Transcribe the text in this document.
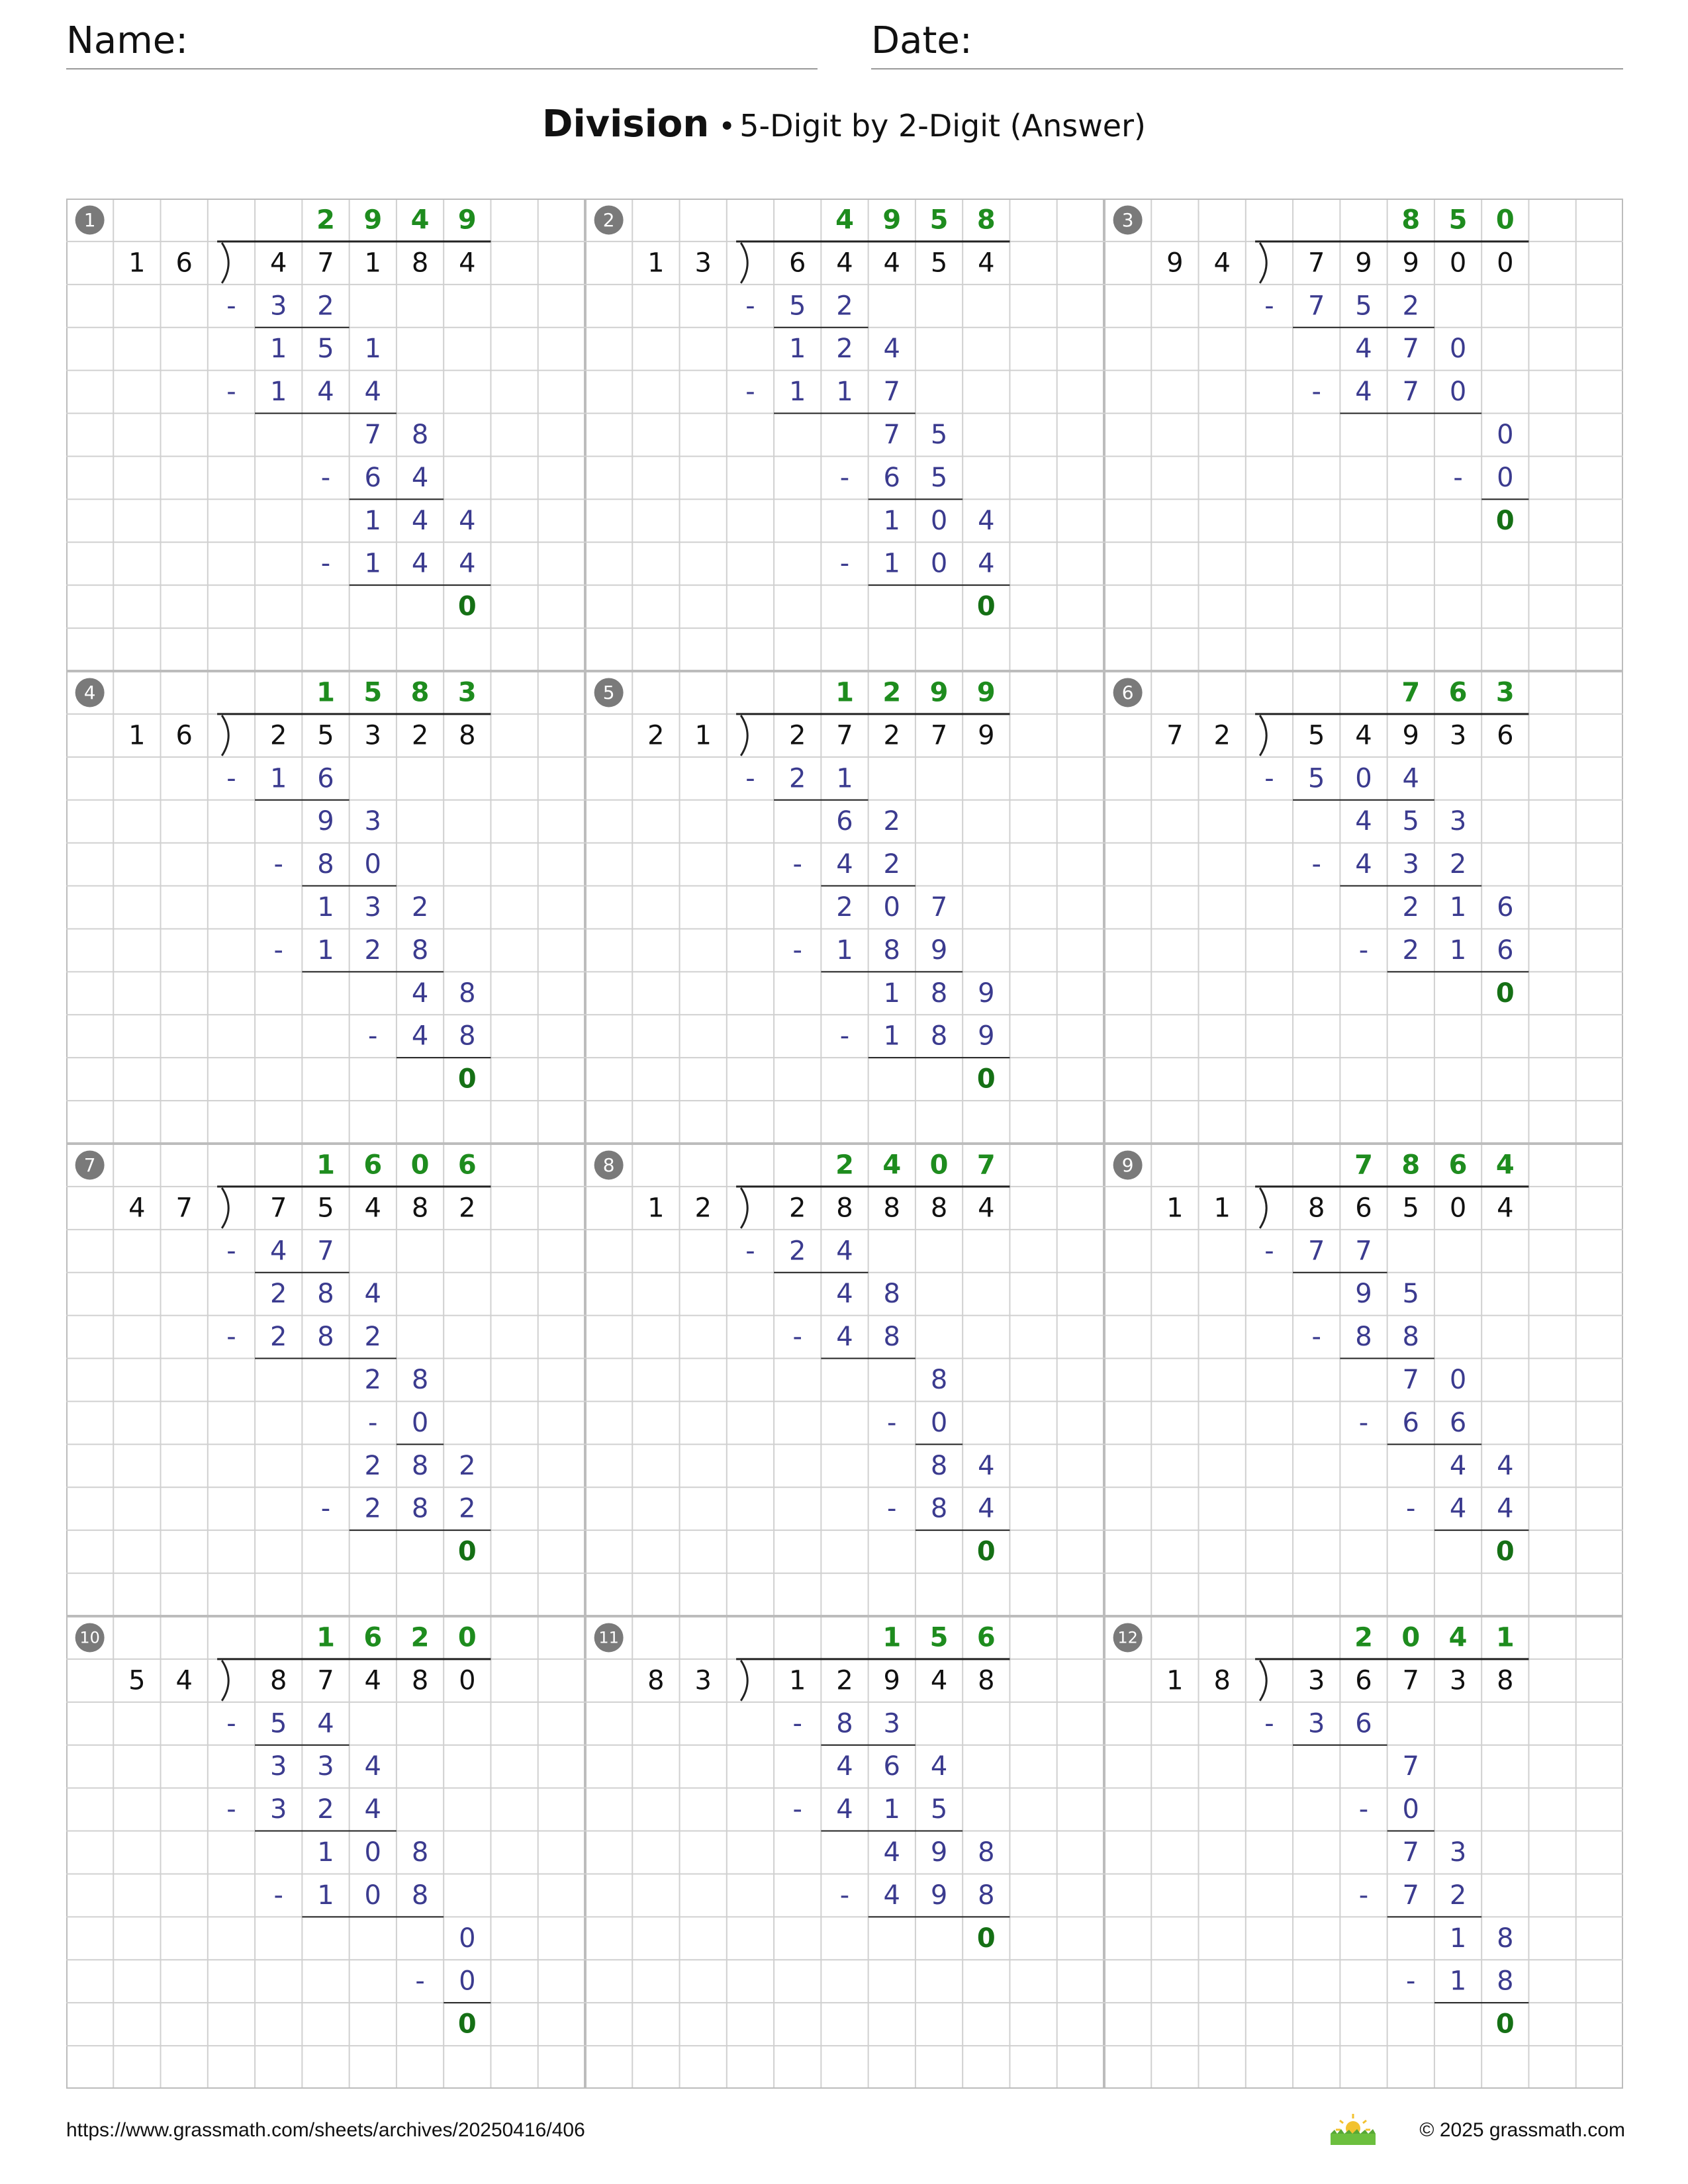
Name:	Date:
Division • 5-Digit by 2-Digit (Answer)
1	2 9 4 9
1 6	4 7 1 8 4
- 3 2
1 5 1
- 1 4 4
7 8
- 6 4
1 4 4
- 1 4 4
0
2	4 9 5 8
1 3	6 4 4 5 4
- 5 2
1 2 4
- 1 1 7
7 5
- 6 5
1 0 4
- 1 0 4
0
3	8 5 0
9 4	7 9 9 0 0
- 7 5 2
4 7 0
- 4 7 0
0
- 0
0
4	1 5 8 3
1 6	2 5 3 2 8
- 1 6
9 3
- 8 0
1 3 2
- 1 2 8
4 8
- 4 8
0
5	1 2 9 9
2 1	2 7 2 7 9
- 2 1
6 2
- 4 2
2 0 7
- 1 8 9
1 8 9
- 1 8 9
0
6	7 6 3
7 2	5 4 9 3 6
- 5 0 4
4 5 3
- 4 3 2
2 1 6
- 2 1 6
0
7	1 6 0 6
4 7	7 5 4 8 2
- 4 7
2 8 4
- 2 8 2
2 8
- 0
2 8 2
- 2 8 2
0
8	2 4 0 7
1 2	2 8 8 8 4
- 2 4
4 8
- 4 8
8
- 0
8 4
- 8 4
0
9	7 8 6 4
1 1	8 6 5 0 4
- 7 7
9 5
- 8 8
7 0
- 6 6
4 4
- 4 4
0
10	1 6 2 0
5 4	8 7 4 8 0
- 5 4
3 3 4
- 3 2 4
1 0 8
- 1 0 8
0
- 0
0
11	1 5 6
8 3	1 2 9 4 8
- 8 3
4 6 4
- 4 1 5
4 9 8
- 4 9 8
0
12	2 0 4 1
1 8	3 6 7 3 8
- 3 6
7
- 0
7 3
- 7 2
1 8
- 1 8
0
https://www.grassmath.com/sheets/archives/20250416/406	© 2025 grassmath.com
